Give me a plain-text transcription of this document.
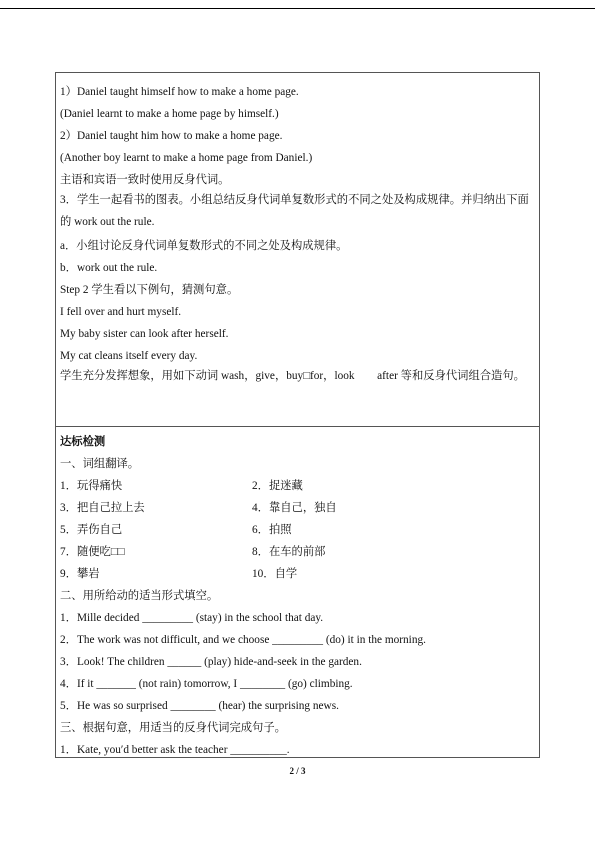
1）Daniel taught himself how to make a home page.
(Daniel learnt to make a home page by himself.)
2）Daniel taught him how to make a home page.
(Another boy learnt to make a home page from Daniel.)
主语和宾语一致时使用反身代词。
3．学生一起看书的图表。小组总结反身代词单复数形式的不同之处及构成规律。并归纳出下面的 work out the rule.
a．小组讨论反身代词单复数形式的不同之处及构成规律。
b．work out the rule.
Step 2 学生看以下例句，猜测句意。
I fell over and hurt myself.
My baby sister can look after herself.
My cat cleans itself every day.
学生充分发挥想象，用如下动词 wash，give，buy□for，look　　after 等和反身代词组合造句。
达标检测
一、词组翻译。
1．玩得痛快	2．捉迷藏
3．把自己拉上去	4．靠自己，独自
5．弄伤自己	6．拍照
7．随便吃□□	8．在车的前部
9．攀岩	10．自学
二、用所给动的适当形式填空。
1．Mille decided _________ (stay) in the school that day.
2．The work was not difficult, and we choose _________ (do) it in the morning.
3．Look! The children ______ (play) hide-and-seek in the garden.
4．If it _______ (not rain) tomorrow, I ________ (go) climbing.
5．He was so surprised ________ (hear) the surprising news.
三、根据句意，用适当的反身代词完成句子。
1．Kate, you′d better ask the teacher __________.
2 / 3
